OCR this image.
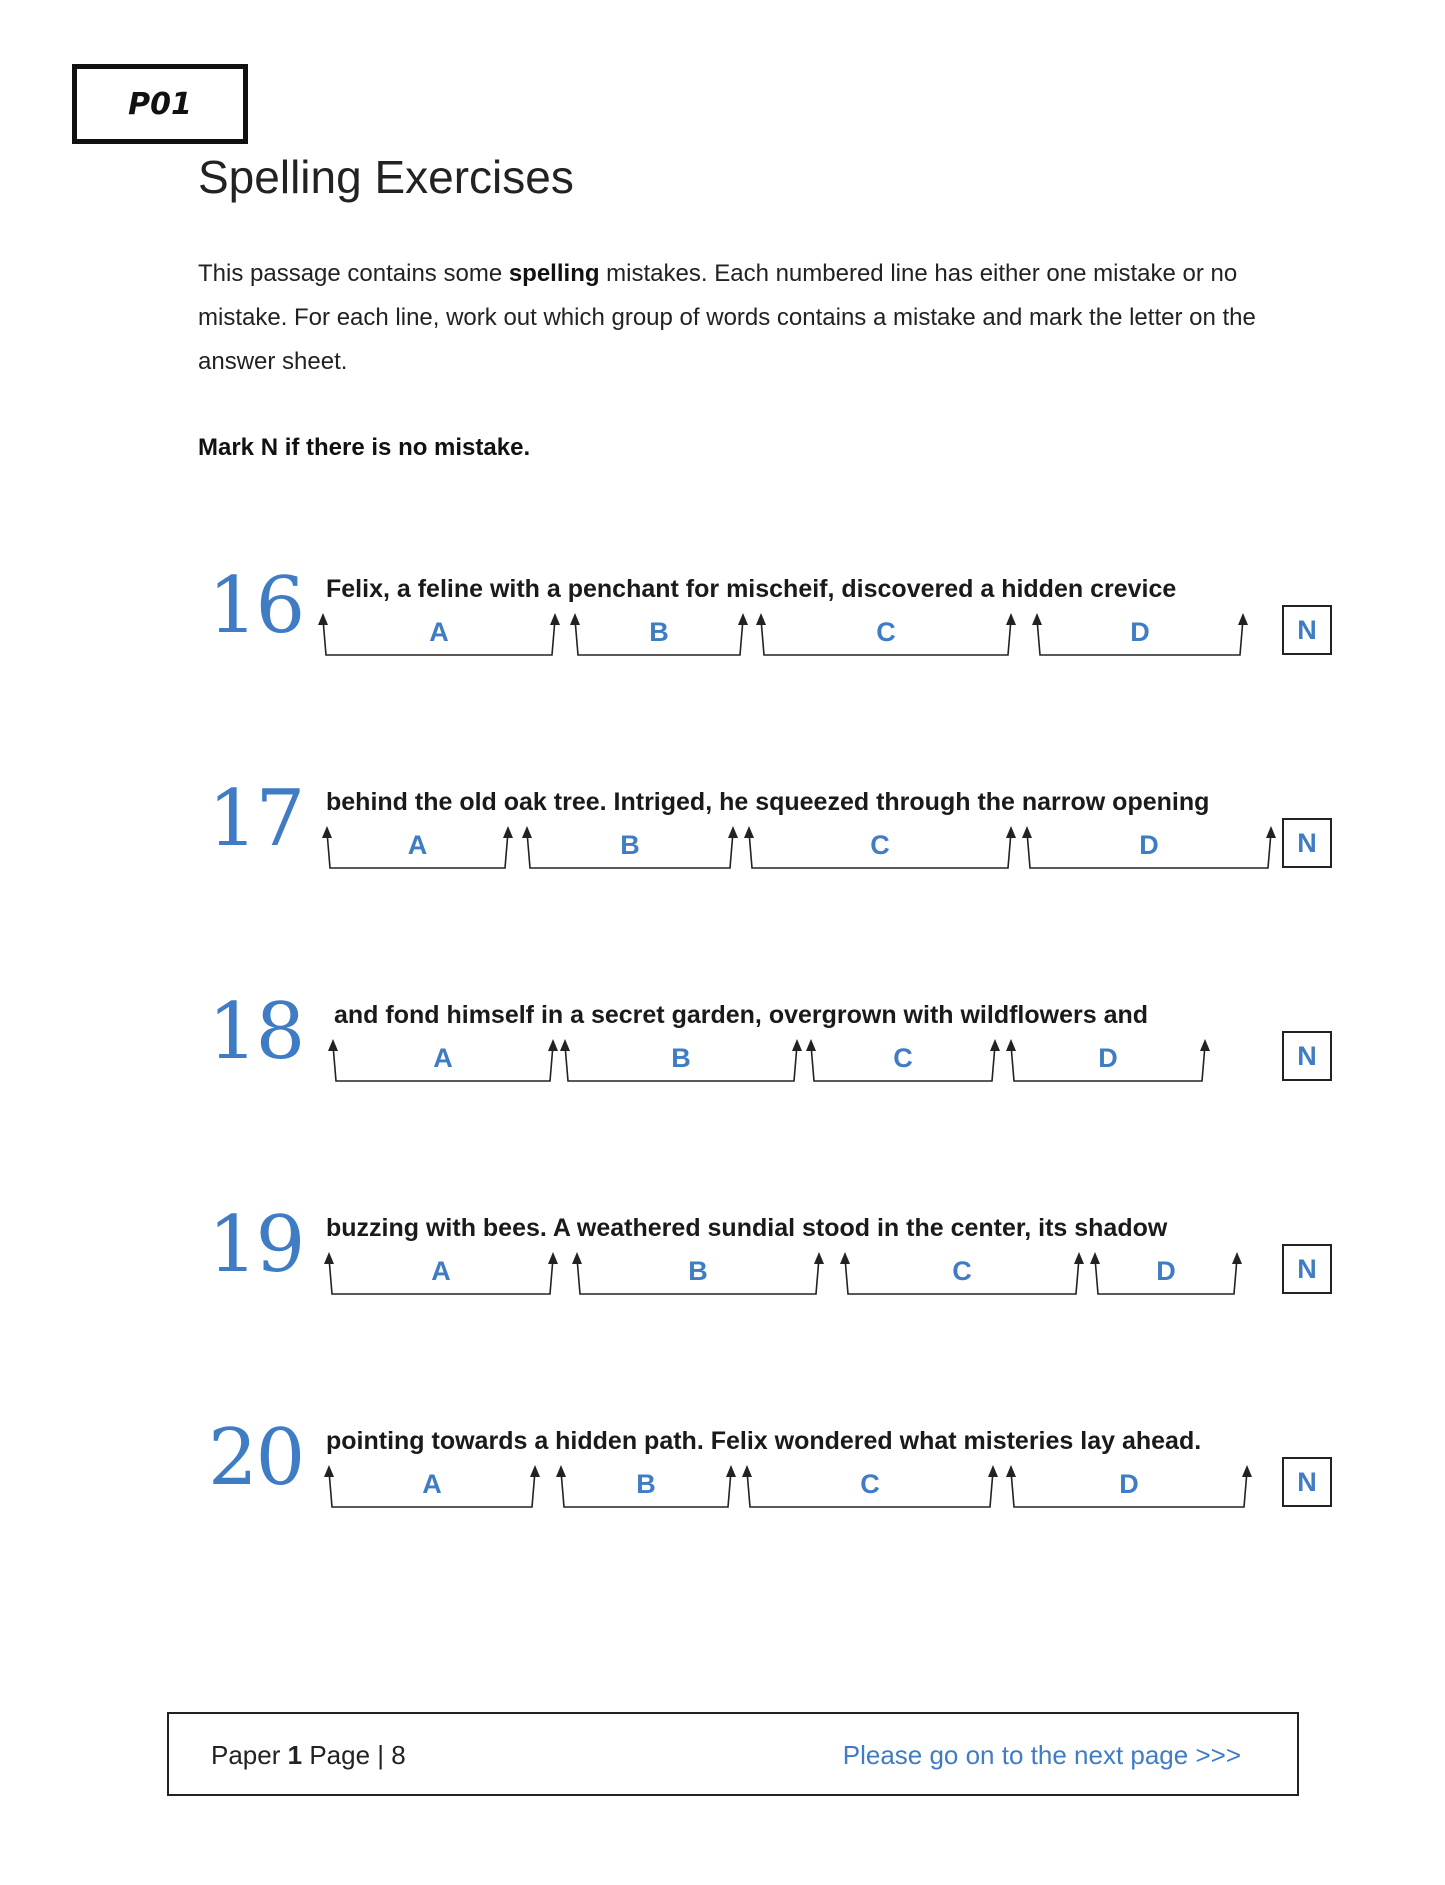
P01
Spelling Exercises

This passage contains some spelling mistakes. Each numbered line has either one mistake or no mistake. For each line, work out which group of words contains a mistake and mark the letter on the answer sheet.

Mark N if there is no mistake.

16 Felix, a feline with a penchant for mischeif, discovered a hidden crevice
A	B	C	D	N
17 behind the old oak tree. Intriged, he squeezed through the narrow opening
A	B	C	D	N
18 and fond himself in a secret garden, overgrown with wildflowers and
A	B	C	D	N
19 buzzing with bees. A weathered sundial stood in the center, its shadow
A	B	C	D	N
20 pointing towards a hidden path. Felix wondered what misteries lay ahead.
A	B	C	D	N
Paper 1 Page | 8	Please go on to the next page >>>
